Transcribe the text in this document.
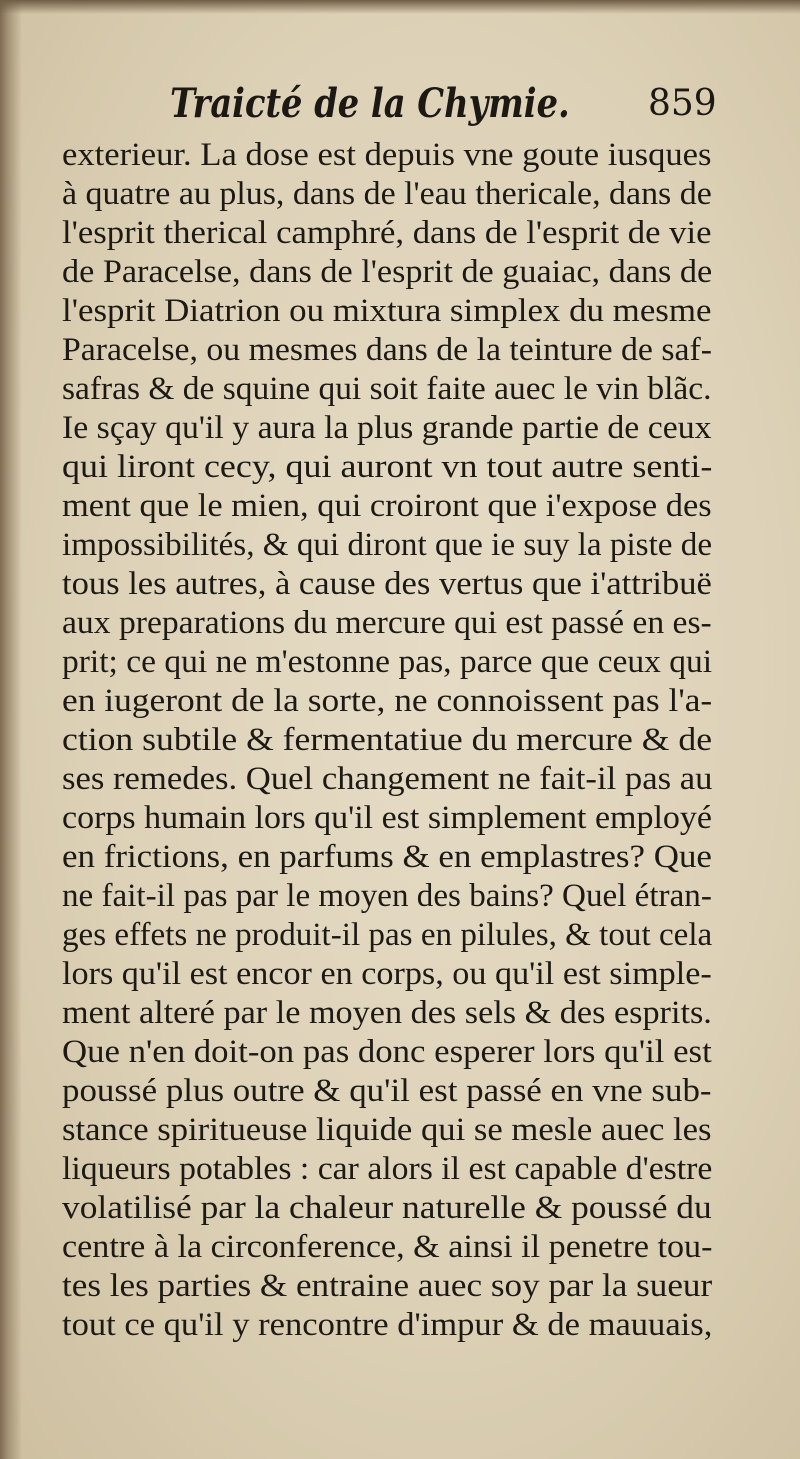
Traicté de la Chymie. 859
exterieur. La dose est depuis vne goute iusques
à quatre au plus, dans de l'eau thericale, dans de
l'esprit therical camphré, dans de l'esprit de vie
de Paracelse, dans de l'esprit de guaiac, dans de
l'esprit Diatrion ou mixtura simplex du mesme
Paracelse, ou mesmes dans de la teinture de saf-
safras & de squine qui soit faite auec le vin blãc.
Ie sçay qu'il y aura la plus grande partie de ceux
qui liront cecy, qui auront vn tout autre senti-
ment que le mien, qui croiront que i'expose des
impossibilités, & qui diront que ie suy la piste de
tous les autres, à cause des vertus que i'attribuë
aux preparations du mercure qui est passé en es-
prit; ce qui ne m'estonne pas, parce que ceux qui
en iugeront de la sorte, ne connoissent pas l'a-
ction subtile & fermentatiue du mercure & de
ses remedes. Quel changement ne fait-il pas au
corps humain lors qu'il est simplement employé
en frictions, en parfums & en emplastres? Que
ne fait-il pas par le moyen des bains? Quel étran-
ges effets ne produit-il pas en pilules, & tout cela
lors qu'il est encor en corps, ou qu'il est simple-
ment alteré par le moyen des sels & des esprits.
Que n'en doit-on pas donc esperer lors qu'il est
poussé plus outre & qu'il est passé en vne sub-
stance spiritueuse liquide qui se mesle auec les
liqueurs potables : car alors il est capable d'estre
volatilisé par la chaleur naturelle & poussé du
centre à la circonference, & ainsi il penetre tou-
tes les parties & entraine auec soy par la sueur
tout ce qu'il y rencontre d'impur & de mauuais,
